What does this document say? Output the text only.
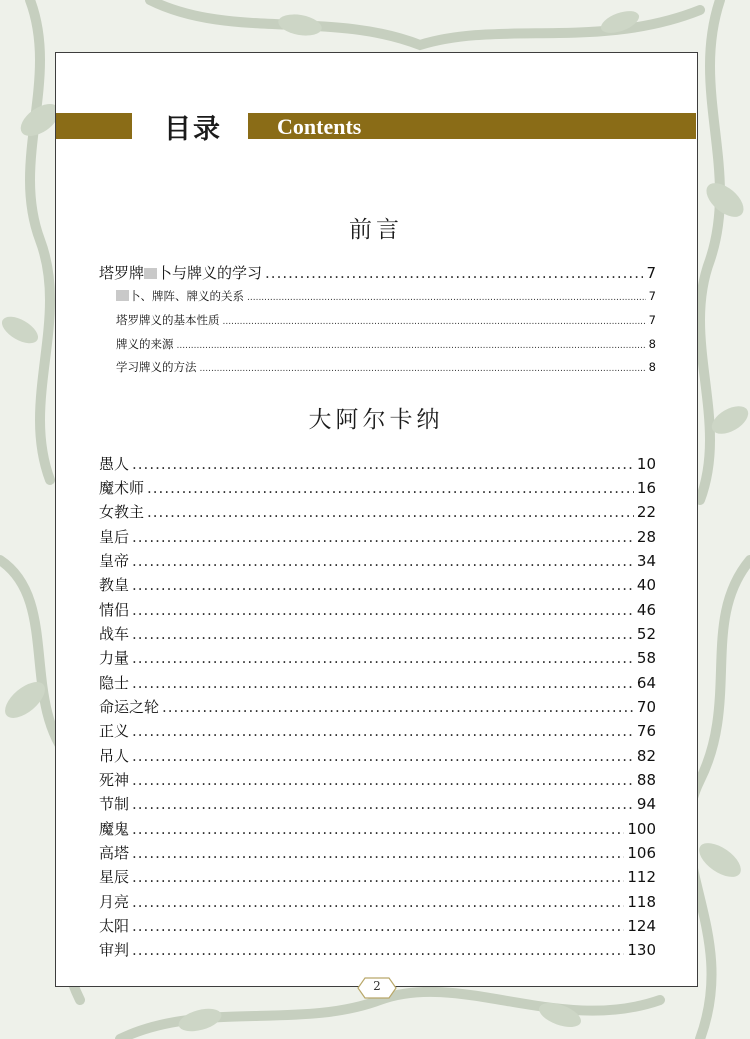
目录	Contents
前言
塔罗牌 卜与牌义的学习 .....	7
卜、牌阵、牌义的关系 .....	7
塔罗牌义的基本性质 .....	7
牌义的来源 .....	8
学习牌义的方法 .....	8
大阿尔卡纳
愚人 .....	10
魔术师 .....	16
女教主 .....	22
皇后 .....	28
皇帝 .....	34
教皇 .....	40
情侣 .....	46
战车 .....	52
力量 .....	58
隐士 .....	64
命运之轮 .....	70
正义 .....	76
吊人 .....	82
死神 .....	88
节制 .....	94
魔鬼 .....	100
高塔 .....	106
星辰 .....	112
月亮 .....	118
太阳 .....	124
审判 .....	130
2
